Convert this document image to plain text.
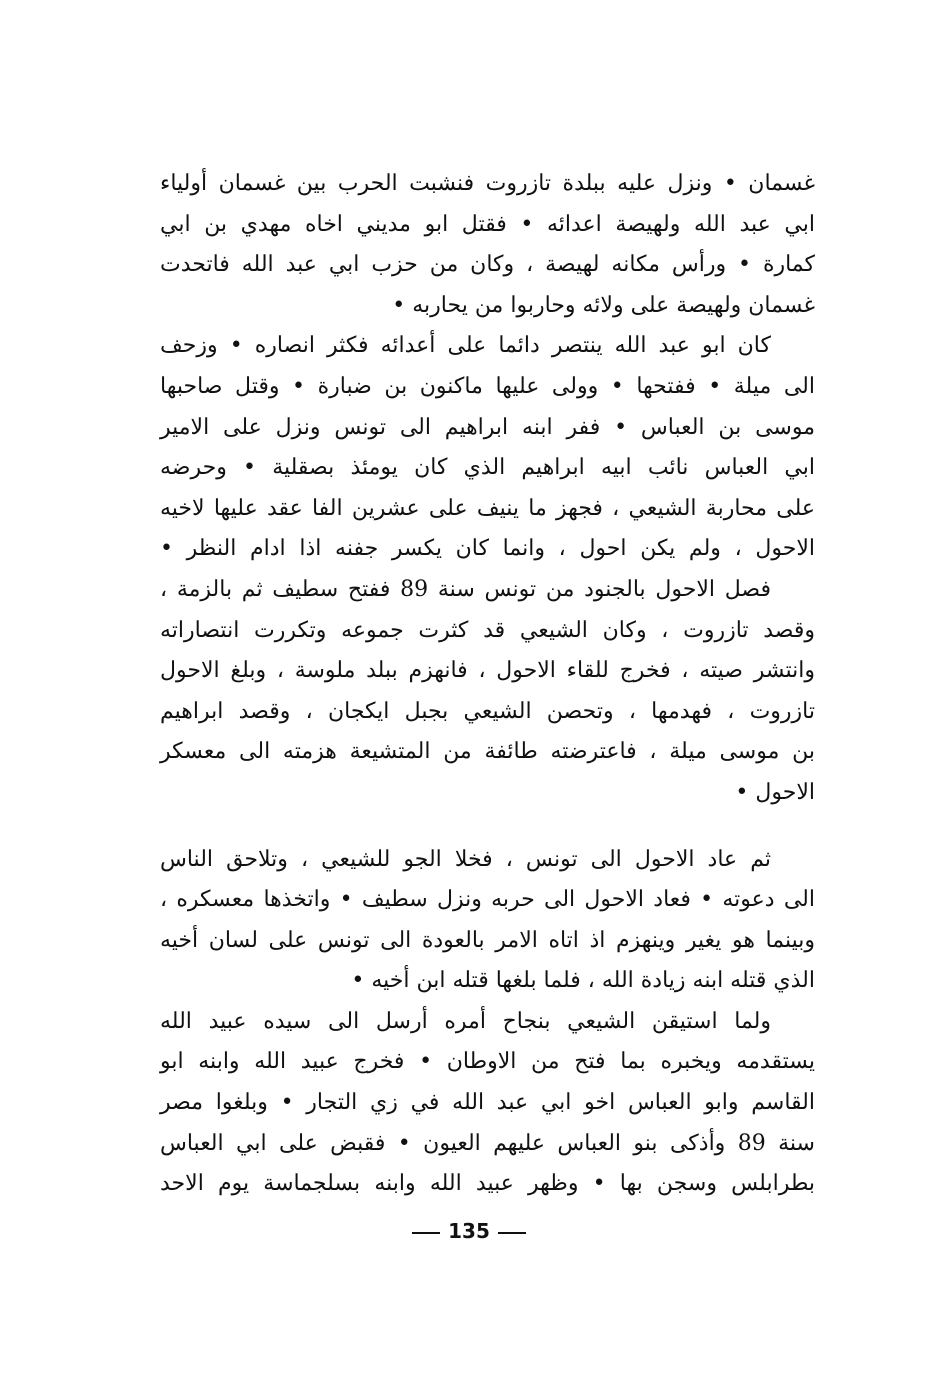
غسمان • ونزل عليه ببلدة تازروت فنشبت الحرب بين غسمان أولياء
ابي عبد الله ولهيصة اعدائه • فقتل ابو مديني اخاه مهدي بن ابي
كمارة • ورأس مكانه لهيصة ، وكان من حزب ابي عبد الله فاتحدت
غسمان ولهيصة على ولائه وحاربوا من يحاربه •
كان ابو عبد الله ينتصر دائما على أعدائه فكثر انصاره • وزحف
الى ميلة • ففتحها • وولى عليها ماكنون بن ضبارة • وقتل صاحبها
موسى بن العباس • ففر ابنه ابراهيم الى تونس ونزل على الامير
ابي العباس نائب ابيه ابراهيم الذي كان يومئذ بصقلية • وحرضه
على محاربة الشيعي ، فجهز ما ينيف على عشرين الفا عقد عليها لاخيه
الاحول ، ولم يكن احول ، وانما كان يكسر جفنه اذا ادام النظر •
فصل الاحول بالجنود من تونس سنة 89 ففتح سطيف ثم بالزمة ،
وقصد تازروت ، وكان الشيعي قد كثرت جموعه وتكررت انتصاراته
وانتشر صيته ، فخرج للقاء الاحول ، فانهزم ببلد ملوسة ، وبلغ الاحول
تازروت ، فهدمها ، وتحصن الشيعي بجبل ايكجان ، وقصد ابراهيم
بن موسى ميلة ، فاعترضته طائفة من المتشيعة هزمته الى معسكر
الاحول •
ثم عاد الاحول الى تونس ، فخلا الجو للشيعي ، وتلاحق الناس
الى دعوته • فعاد الاحول الى حربه ونزل سطيف • واتخذها معسكره ،
وبينما هو يغير وينهزم اذ اتاه الامر بالعودة الى تونس على لسان أخيه
الذي قتله ابنه زيادة الله ، فلما بلغها قتله ابن أخيه •
ولما استيقن الشيعي بنجاح أمره أرسل الى سيده عبيد الله
يستقدمه ويخبره بما فتح من الاوطان • فخرج عبيد الله وابنه ابو
القاسم وابو العباس اخو ابي عبد الله في زي التجار • وبلغوا مصر
سنة 89 وأذكى بنو العباس عليهم العيون • فقبض على ابي العباس
بطرابلس وسجن بها • وظهر عبيد الله وابنه بسلجماسة يوم الاحد
135
